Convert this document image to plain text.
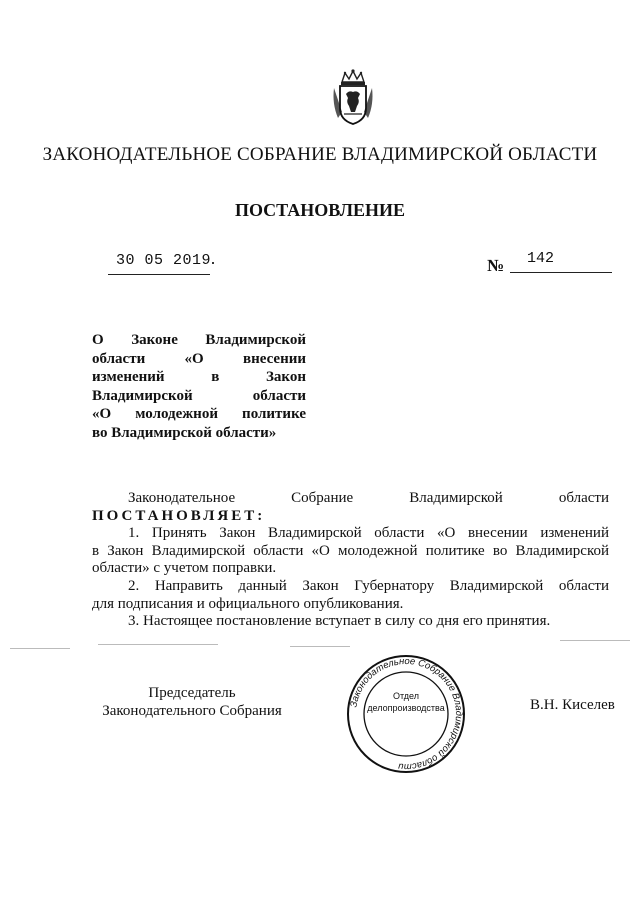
ЗАКОНОДАТЕЛЬНОЕ СОБРАНИЕ ВЛАДИМИРСКОЙ ОБЛАСТИ
ПОСТАНОВЛЕНИЕ
30 05 2019	№ 142
О Законе Владимирской
области «О внесении
изменений в Закон
Владимирской области
«О молодежной политике
во Владимирской области»
Законодательное Собрание Владимирской области
ПОСТАНОВЛЯЕТ:
1. Принять Закон Владимирской области «О внесении изменений
в Закон Владимирской области «О молодежной политике во Владимирской
области» с учетом поправки.
2. Направить данный Закон Губернатору Владимирской области
для подписания и официального опубликования.
3. Настоящее постановление вступает в силу со дня его принятия.
Председатель
Законодательного Собрания	Законодательное Собрание Владимирской области
Отдел
делопроизводства	В.Н. Киселев
